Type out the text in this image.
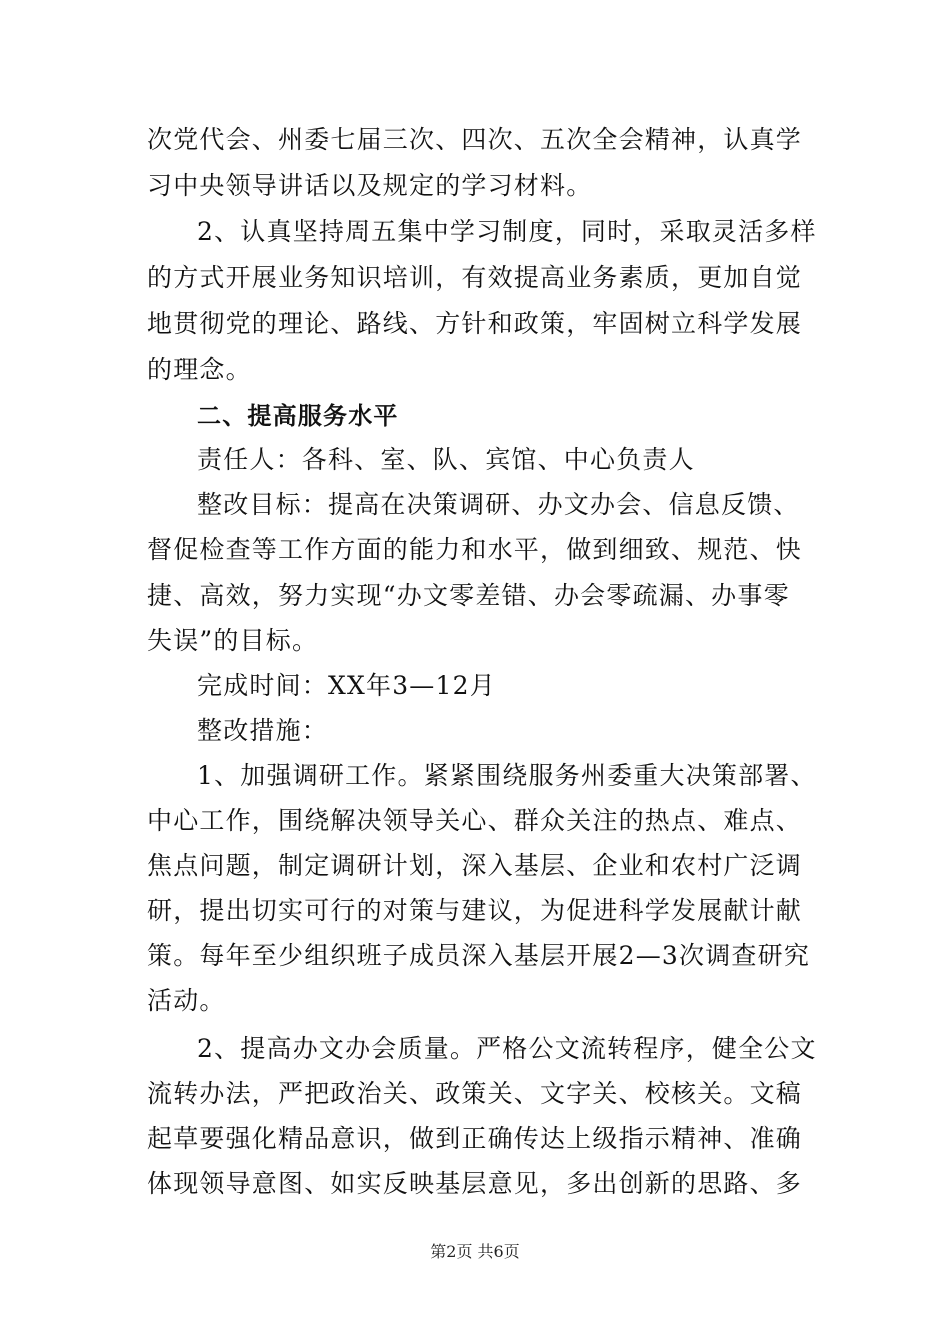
次党代会、州委七届三次、四次、五次全会精神，认真学
习中央领导讲话以及规定的学习材料。
2、认真坚持周五集中学习制度，同时，采取灵活多样
的方式开展业务知识培训，有效提高业务素质，更加自觉
地贯彻党的理论、路线、方针和政策，牢固树立科学发展
的理念。
二、提高服务水平
责任人：各科、室、队、宾馆、中心负责人
整改目标：提高在决策调研、办文办会、信息反馈、
督促检查等工作方面的能力和水平，做到细致、规范、快
捷、高效，努力实现“办文零差错、办会零疏漏、办事零
失误”的目标。
完成时间：XX年3—12月
整改措施：
1、加强调研工作。紧紧围绕服务州委重大决策部署、
中心工作，围绕解决领导关心、群众关注的热点、难点、
焦点问题，制定调研计划，深入基层、企业和农村广泛调
研，提出切实可行的对策与建议，为促进科学发展献计献
策。每年至少组织班子成员深入基层开展2—3次调查研究
活动。
2、提高办文办会质量。严格公文流转程序，健全公文
流转办法，严把政治关、政策关、文字关、校核关。文稿
起草要强化精品意识，做到正确传达上级指示精神、准确
体现领导意图、如实反映基层意见，多出创新的思路、多
第2页 共6页
